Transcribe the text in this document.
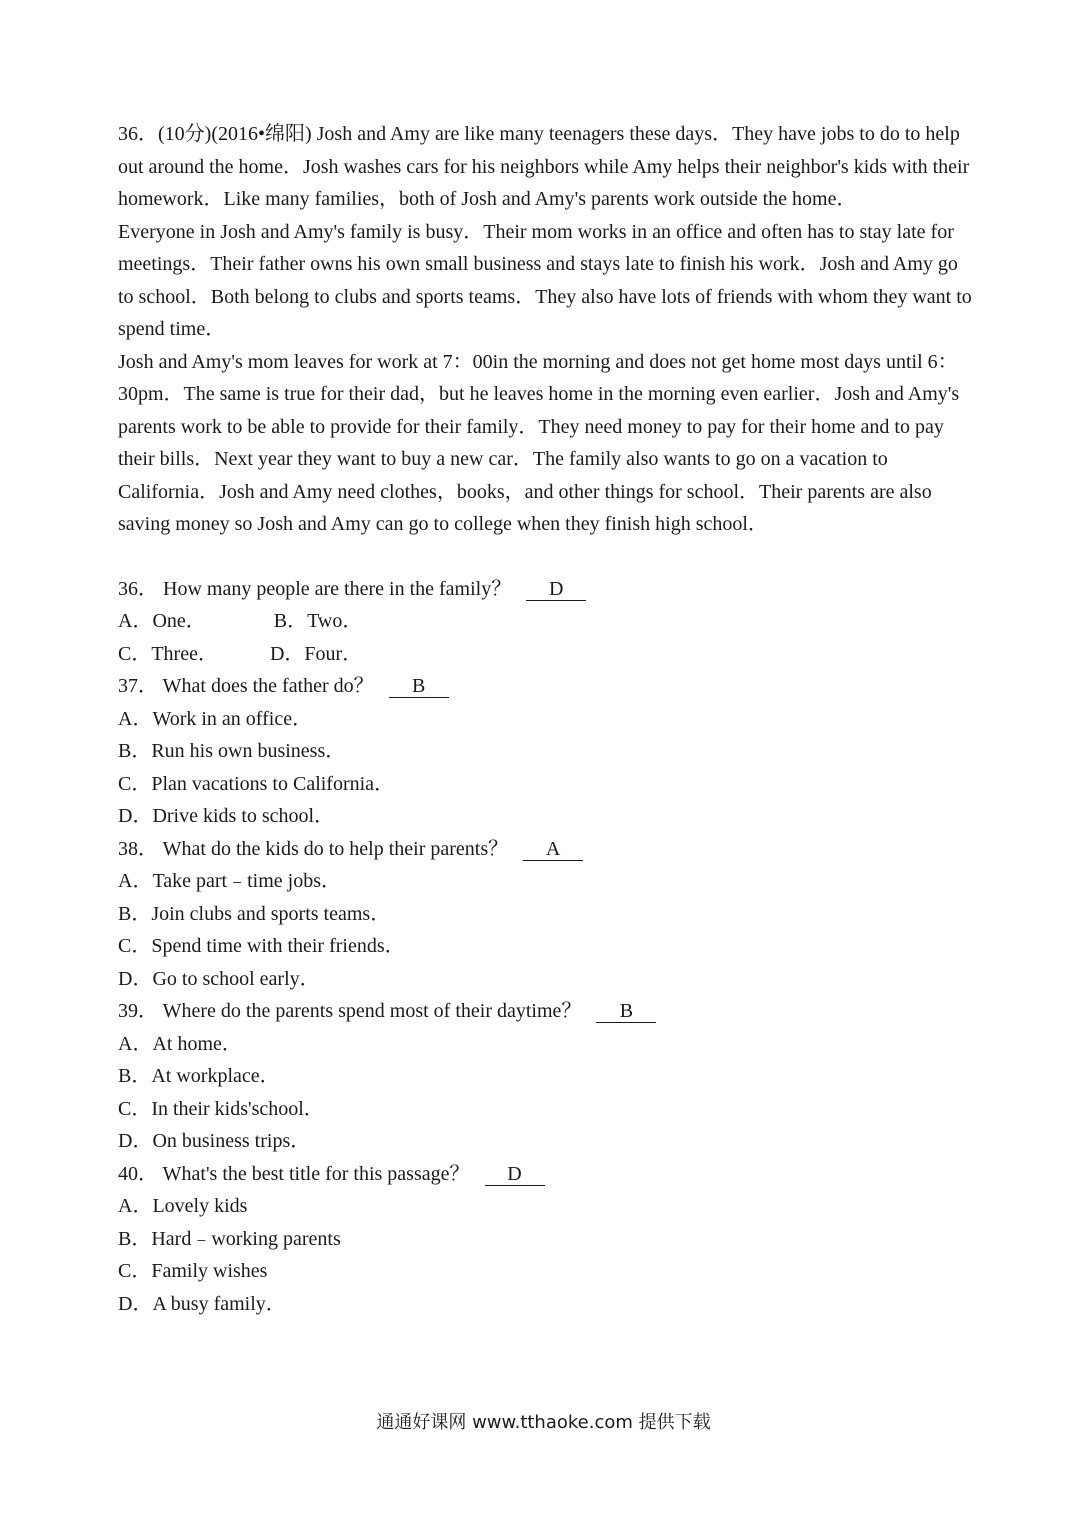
36．(10分)(2016•绵阳) Josh and Amy are like many teenagers these days．They have jobs to do to help out around the home．Josh washes cars for his neighbors while Amy helps their neighbor's kids with their homework．Like many families，both of Josh and Amy's parents work outside the home．

Everyone in Josh and Amy's family is busy．Their mom works in an office and often has to stay late for meetings．Their father owns his own small business and stays late to finish his work．Josh and Amy go to school．Both belong to clubs and sports teams．They also have lots of friends with whom they want to spend time．

Josh and Amy's mom leaves for work at 7：00in the morning and does not get home most days until 6：30pm．The same is true for their dad，but he leaves home in the morning even earlier．Josh and Amy's parents work to be able to provide for their family．They need money to pay for their home and to pay their bills．Next year they want to buy a new car．The family also wants to go on a vacation to California．Josh and Amy need clothes，books，and other things for school．Their parents are also saving money so Josh and Amy can go to college when they finish high school．

36． How many people are there in the family？ D

A．One．	B．Two．

C．Three．	D．Four．

37． What does the father do？ B

A．Work in an office．

B．Run his own business．

C．Plan vacations to California．

D．Drive kids to school．

38． What do the kids do to help their parents？ A

A．Take part﹣time jobs．

B．Join clubs and sports teams．

C．Spend time with their friends．

D．Go to school early．

39． Where do the parents spend most of their daytime？ B

A．At home．

B．At workplace．

C．In their kids'school．

D．On business trips．

40． What's the best title for this passage？ D

A．Lovely kids

B．Hard﹣working parents

C．Family wishes

D．A busy family．

通通好课网 www.tthaoke.com 提供下载
